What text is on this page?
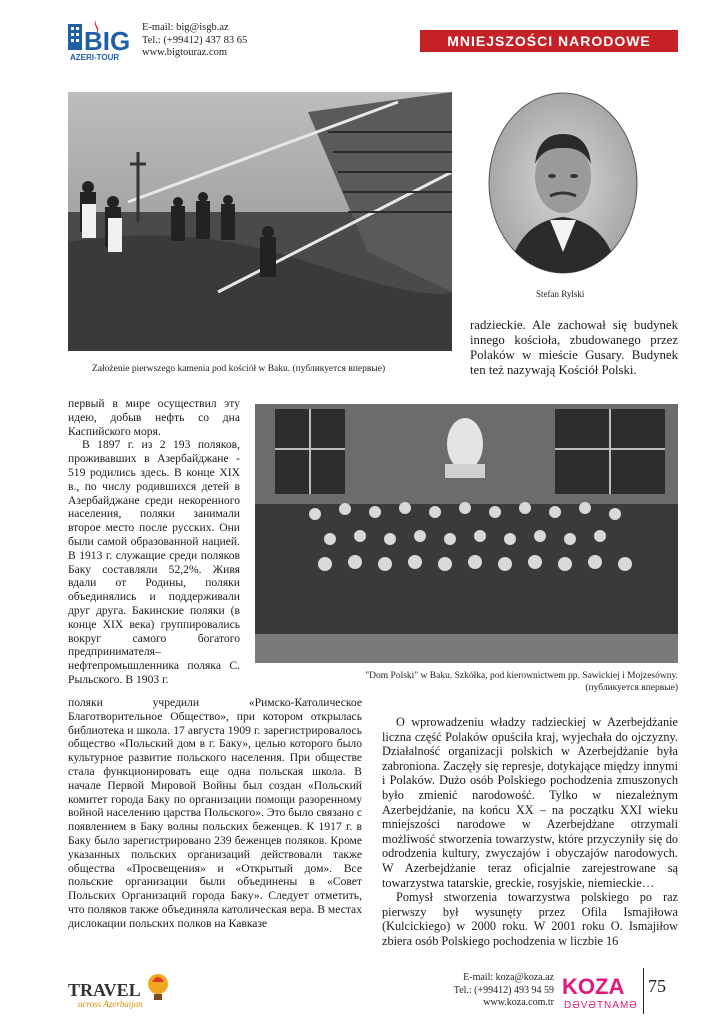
BIG
AZERI-TOUR
E-mail: big@isgb.az
Tel.: (+99412) 437 83 65
www.bigtouraz.com
MNIEJSZOŚCI NARODOWE
Założenie pierwszego kamenia pod kościół w Baku. (публикуется впервые)
Stefan Rylski

radzieckie. Ale zachował się budynek innego kościoła, zbudowanego przez Polaków w mieście Gusary. Budynek ten też nazywają Kościół Polski.

"Dom Polski" w Baku. Szkółka, pod kierownictwem pp. Sawickiej i Mojzesówny.
(публикуется впервые)

первый в мире осуществил эту идею, добыв нефть со дна Каспийского моря.

В 1897 г. из 2 193 поляков, проживавших в Азербайджане - 519 родились здесь. В конце XIX в., по числу родившихся детей в Азербайджане среди некоренного населения, поляки занимали второе место после русских. Они были самой образованной нацией. В 1913 г. служащие среди поляков Баку составляли 52,2%. Живя вдали от Родины, поляки объединялись и поддерживали друг друга. Бакинские поляки (в конце XIX века) группировались вокруг самого богатого предпринимателя–нефтепромышленника поляка С. Рыльского. В 1903 г.

поляки учредили «Римско-Католическое Благотворительное Общество», при котором открылась библиотека и школа. 17 августа 1909 г. зарегистрировалось общество «Польский дом в г. Баку», целью которого было культурное развитие польского населения. При обществе стала функционировать еще одна польская школа. В начале Первой Мировой Войны был создан «Польский комитет города Баку по организации помощи разоренному войной населению царства Польского». Это было связано с появлением в Баку волны польских беженцев. К 1917 г. в Баку было зарегистрировано 239 беженцев поляков. Кроме указанных польских организаций действовали также общества «Просвещения» и «Открытый дом». Все польские организации были объединены в «Совет Польских Организаций города Баку». Следует отметить, что поляков также объединяла католическая вера. В местах дислокации польских полков на Кавказе

O wprowadzeniu władzy radzieckiej w Azerbejdżanie liczna część Polaków opuściła kraj, wyjechała do ojczyzny. Działalność organizacji polskich w Azerbejdżanie była zabroniona. Zaczęły się represje, dotykające między innymi i Polaków. Dużo osób Polskiego pochodzenia zmuszonych było zmienić narodowość. Tylko w niezależnym Azerbejdżanie, na końcu XX – na początku XXI wieku mniejszości narodowe w Azerbejdżane otrzymali możliwość stworzenia towarzystw, które przyczyniły się do odrodzenia kultury, zwyczajów i obyczajów narodowych. W Azerbejdżanie teraz oficjalnie zarejestrowane są towarzystwa tatarskie, greckie, rosyjskie, niemieckie…

Pomysł stworzenia towarzystwa polskiego po raz pierwszy był wysunęty przez Ofila Ismajiłowa (Kulcickiego) w 2000 roku. W 2001 roku O. Ismajiłow zbiera osób Polskiego pochodzenia w liczbie 16

TRAVEL
across Azerbaijan
E-mail: koza@koza.az
Tel.: (+99412) 493 94 59
www.koza.com.tr
KOZA
DƏVƏTNAMƏ
75
